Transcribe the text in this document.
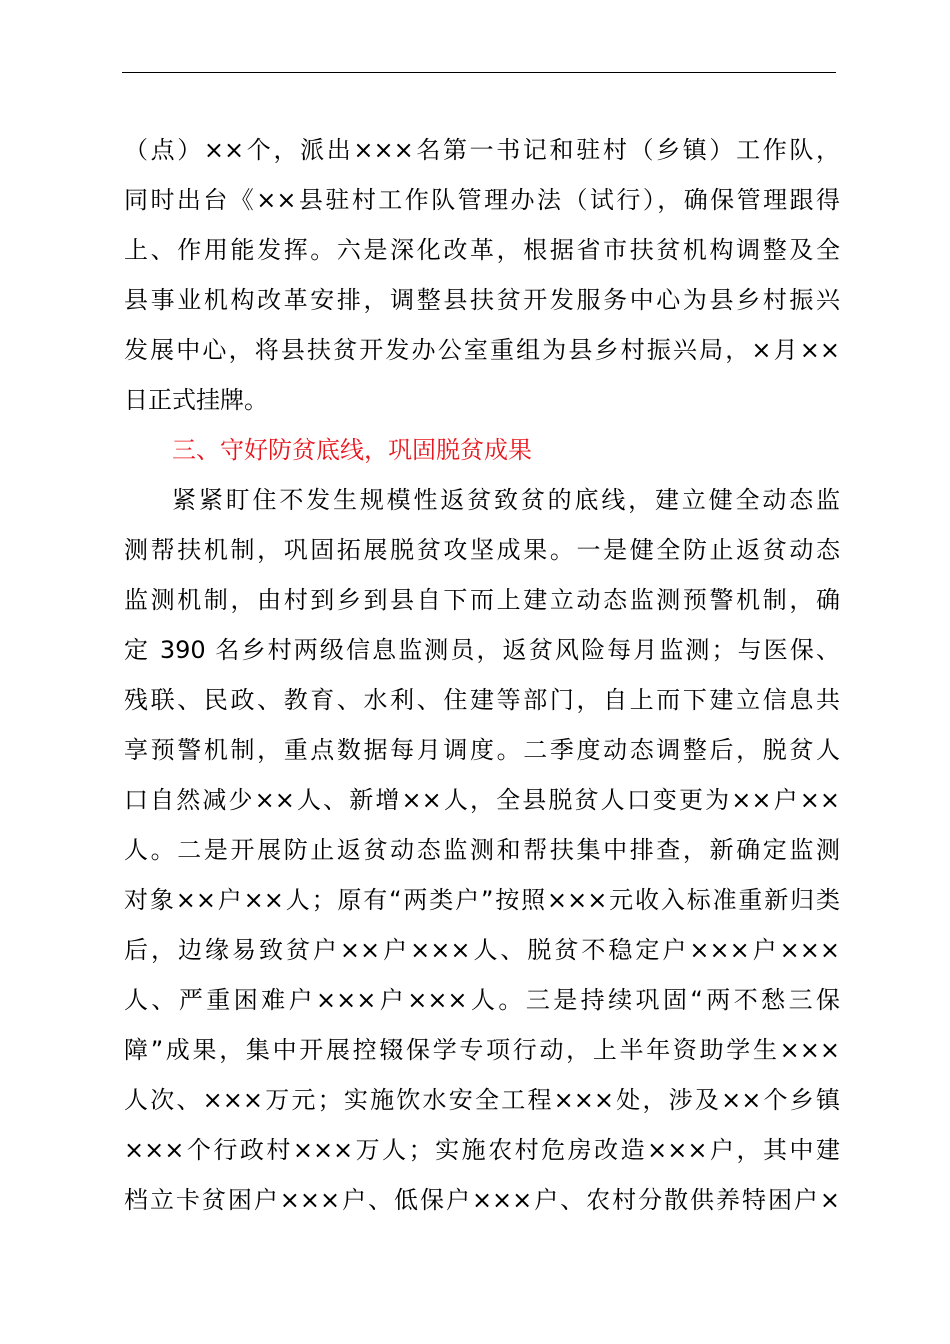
（点）××个，派出×××名第一书记和驻村（乡镇）工作队，
同时出台《××县驻村工作队管理办法（试行），确保管理跟得
上、作用能发挥。六是深化改革，根据省市扶贫机构调整及全
县事业机构改革安排，调整县扶贫开发服务中心为县乡村振兴
发展中心，将县扶贫开发办公室重组为县乡村振兴局，×月××
日正式挂牌。
三、守好防贫底线，巩固脱贫成果
紧紧盯住不发生规模性返贫致贫的底线，建立健全动态监
测帮扶机制，巩固拓展脱贫攻坚成果。一是健全防止返贫动态
监测机制，由村到乡到县自下而上建立动态监测预警机制，确
定 390 名乡村两级信息监测员，返贫风险每月监测；与医保、
残联、民政、教育、水利、住建等部门，自上而下建立信息共
享预警机制，重点数据每月调度。二季度动态调整后，脱贫人
口自然减少××人、新增××人，全县脱贫人口变更为××户××
人。二是开展防止返贫动态监测和帮扶集中排查，新确定监测
对象××户××人；原有“两类户”按照×××元收入标准重新归类
后，边缘易致贫户××户×××人、脱贫不稳定户×××户×××
人、严重困难户×××户×××人。三是持续巩固“两不愁三保
障”成果，集中开展控辍保学专项行动，上半年资助学生×××
人次、×××万元；实施饮水安全工程×××处，涉及××个乡镇
×××个行政村×××万人；实施农村危房改造×××户，其中建
档立卡贫困户×××户、低保户×××户、农村分散供养特困户×
